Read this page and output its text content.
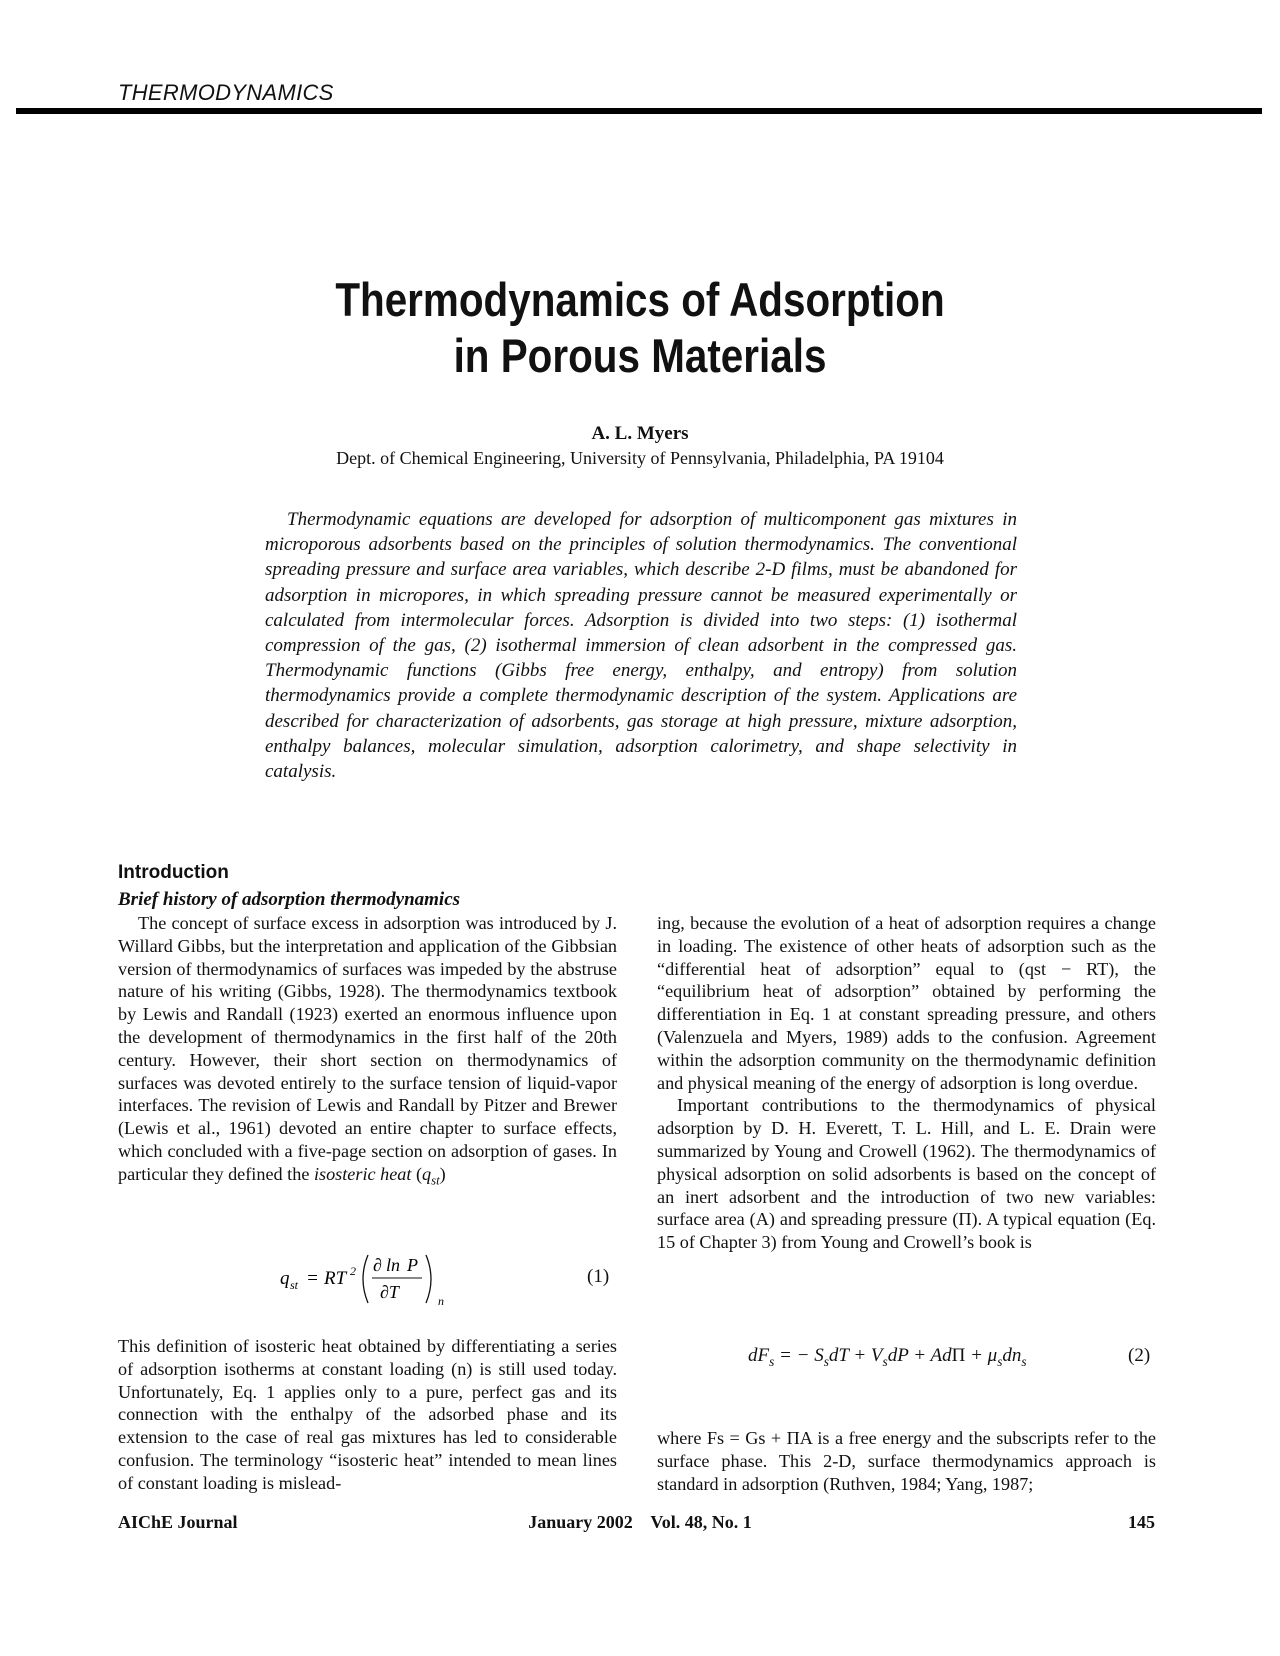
THERMODYNAMICS
Thermodynamics of Adsorption
in Porous Materials
A. L. Myers
Dept. of Chemical Engineering, University of Pennsylvania, Philadelphia, PA 19104
Thermodynamic equations are developed for adsorption of multicomponent gas mixtures in microporous adsorbents based on the principles of solution thermodynamics. The conventional spreading pressure and surface area variables, which describe 2-D films, must be abandoned for adsorption in micropores, in which spreading pressure cannot be measured experimentally or calculated from intermolecular forces. Adsorption is divided into two steps: (1) isothermal compression of the gas, (2) isothermal immersion of clean adsorbent in the compressed gas. Thermodynamic functions (Gibbs free energy, enthalpy, and entropy) from solution thermodynamics provide a complete thermodynamic description of the system. Applications are described for characterization of adsorbents, gas storage at high pressure, mixture adsorption, enthalpy balances, molecular simulation, adsorption calorimetry, and shape selectivity in catalysis.
Introduction
Brief history of adsorption thermodynamics

The concept of surface excess in adsorption was introduced by J. Willard Gibbs, but the interpretation and application of the Gibbsian version of thermodynamics of surfaces was impeded by the abstruse nature of his writing (Gibbs, 1928). The thermodynamics textbook by Lewis and Randall (1923) exerted an enormous influence upon the development of thermodynamics in the first half of the 20th century. However, their short section on thermodynamics of surfaces was devoted entirely to the surface tension of liquid-vapor interfaces. The revision of Lewis and Randall by Pitzer and Brewer (Lewis et al., 1961) devoted an entire chapter to surface effects, which concluded with a five-page section on adsorption of gases. In particular they defined the isosteric heat $(q_{st})$

q st = RT 2 ∂ ln P
∂T	n
(1)

This definition of isosteric heat obtained by differentiating a series of adsorption isotherms at constant loading (n) is still used today. Unfortunately, Eq. 1 applies only to a pure, perfect gas and its connection with the enthalpy of the adsorbed phase and its extension to the case of real gas mixtures has led to considerable confusion. The terminology “isosteric heat” intended to mean lines of constant loading is mislead-

ing, because the evolution of a heat of adsorption requires a change in loading. The existence of other heats of adsorption such as the “differential heat of adsorption” equal to (qst − RT), the “equilibrium heat of adsorption” obtained by performing the differentiation in Eq. 1 at constant spreading pressure, and others (Valenzuela and Myers, 1989) adds to the confusion. Agreement within the adsorption community on the thermodynamic definition and physical meaning of the energy of adsorption is long overdue.

Important contributions to the thermodynamics of physical adsorption by D. H. Everett, T. L. Hill, and L. E. Drain were summarized by Young and Crowell (1962). The thermodynamics of physical adsorption on solid adsorbents is based on the concept of an inert adsorbent and the introduction of two new variables: surface area (A) and spreading pressure (Π). A typical equation (Eq. 15 of Chapter 3) from Young and Crowell’s book is

$dF_s$ = − $S_sdT + V_sdP + Ad\Pi + \mu_sdn_s$	(2)

where Fs = Gs + ΠA is a free energy and the subscripts refer to the surface phase. This 2-D, surface thermodynamics approach is standard in adsorption (Ruthven, 1984; Yang, 1987;

AIChE Journal	January 2002    Vol. 48, No. 1	145
